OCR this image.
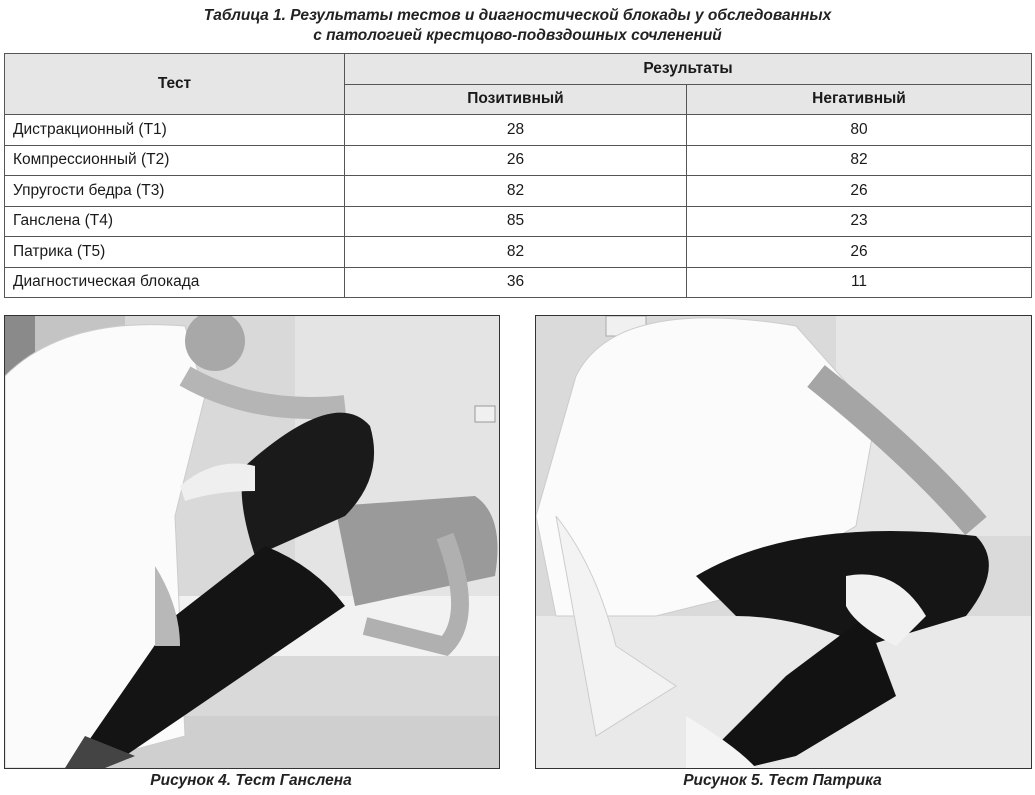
Таблица 1. Результаты тестов и диагностической блокады у обследованных
с патологией крестцово-подвздошных сочленений
Тест	Результаты	
	Позитивный	Негативный
Дистракционный (Т1)	28	80
Компрессионный (Т2)	26	82
Упругости бедра (Т3)	82	26
Ганслена (Т4)	85	23
Патрика (Т5)	82	26
Диагностическая блокада	36	11
Рисунок 4. Тест Ганслена	Рисунок 5. Тест Патрика
